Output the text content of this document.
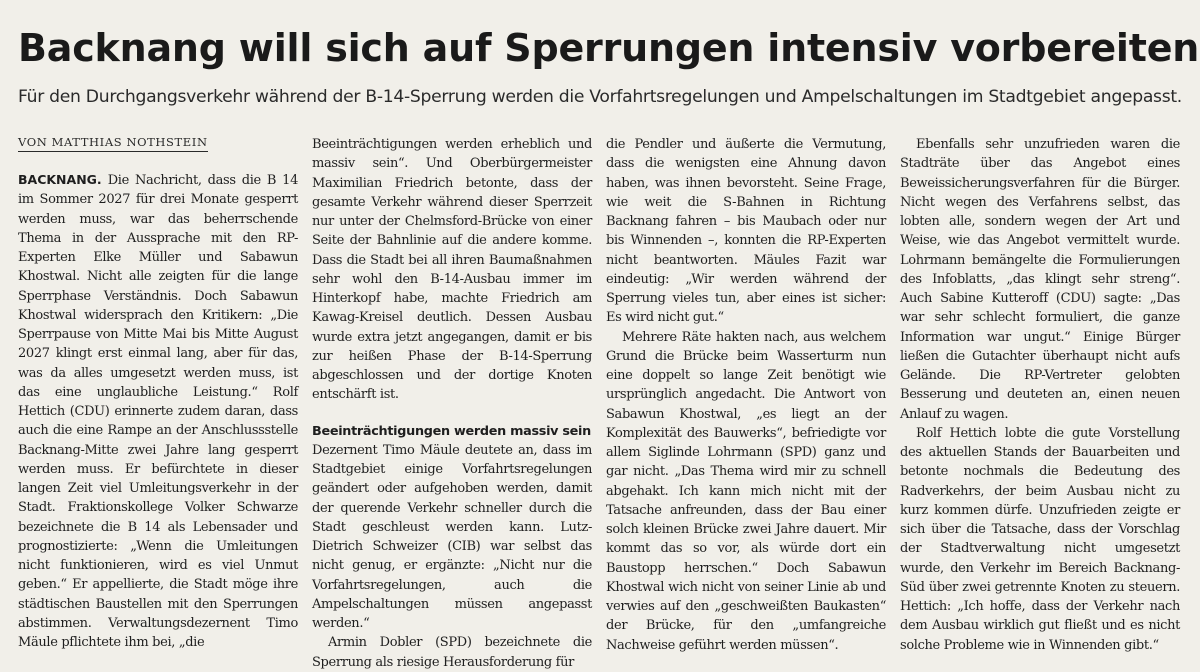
Backnang will sich auf Sperrungen intensiv vorbereiten

Für den Durchgangsverkehr während der B-14-Sperrung werden die Vorfahrtsregelungen und Ampelschaltungen im Stadtgebiet angepasst.

VON MATTHIAS NOTHSTEIN

BACKNANG. Die Nachricht, dass die B 14 im Sommer 2027 für drei Monate gesperrt werden muss, war das beherrschende Thema in der Aussprache mit den RP-Experten Elke Müller und Sabawun Khostwal. Nicht alle zeigten für die lange Sperrphase Verständnis. Doch Sabawun Khostwal widersprach den Kritikern: „Die Sperrpause von Mitte Mai bis Mitte August 2027 klingt erst einmal lang, aber für das, was da alles umgesetzt werden muss, ist das eine unglaubliche Leistung.“ Rolf Hettich (CDU) erinnerte zudem daran, dass auch die eine Rampe an der Anschlussstelle Backnang-Mitte zwei Jahre lang gesperrt werden muss. Er befürchtete in dieser langen Zeit viel Umleitungsverkehr in der Stadt. Fraktionskollege Volker Schwarze bezeichnete die B 14 als Lebensader und prognostizierte: „Wenn die Umleitungen nicht funktionieren, wird es viel Unmut geben.“ Er appellierte, die Stadt möge ihre städtischen Baustellen mit den Sperrungen abstimmen. Verwaltungsdezernent Timo Mäule pflichtete ihm bei, „die

Beeinträchtigungen werden erheblich und massiv sein“. Und Oberbürgermeister Maximilian Friedrich betonte, dass der gesamte Verkehr während dieser Sperrzeit nur unter der Chelmsford-Brücke von einer Seite der Bahnlinie auf die andere komme. Dass die Stadt bei all ihren Baumaßnahmen sehr wohl den B-14-Ausbau immer im Hinterkopf habe, machte Friedrich am Kawag-Kreisel deutlich. Dessen Ausbau wurde extra jetzt angegangen, damit er bis zur heißen Phase der B-14-Sperrung abgeschlossen und der dortige Knoten entschärft ist.

Beeinträchtigungen werden massiv sein

Dezernent Timo Mäule deutete an, dass im Stadtgebiet einige Vorfahrtsregelungen geändert oder aufgehoben werden, damit der querende Verkehr schneller durch die Stadt geschleust werden kann. Lutz-Dietrich Schweizer (CIB) war selbst das nicht genug, er ergänzte: „Nicht nur die Vorfahrtsregelungen, auch die Ampelschaltungen müssen angepasst werden.“

Armin Dobler (SPD) bezeichnete die Sperrung als riesige Herausforderung für

die Pendler und äußerte die Vermutung, dass die wenigsten eine Ahnung davon haben, was ihnen bevorsteht. Seine Frage, wie weit die S-Bahnen in Richtung Backnang fahren – bis Maubach oder nur bis Winnenden –, konnten die RP-Experten nicht beantworten. Mäules Fazit war eindeutig: „Wir werden während der Sperrung vieles tun, aber eines ist sicher: Es wird nicht gut.“

Mehrere Räte hakten nach, aus welchem Grund die Brücke beim Wasserturm nun eine doppelt so lange Zeit benötigt wie ursprünglich angedacht. Die Antwort von Sabawun Khostwal, „es liegt an der Komplexität des Bauwerks“, befriedigte vor allem Siglinde Lohrmann (SPD) ganz und gar nicht. „Das Thema wird mir zu schnell abgehakt. Ich kann mich nicht mit der Tatsache anfreunden, dass der Bau einer solch kleinen Brücke zwei Jahre dauert. Mir kommt das so vor, als würde dort ein Baustopp herrschen.“ Doch Sabawun Khostwal wich nicht von seiner Linie ab und verwies auf den „geschweißten Baukasten“ der Brücke, für den „umfangreiche Nachweise geführt werden müssen“.

Ebenfalls sehr unzufrieden waren die Stadträte über das Angebot eines Beweissicherungsverfahren für die Bürger. Nicht wegen des Verfahrens selbst, das lobten alle, sondern wegen der Art und Weise, wie das Angebot vermittelt wurde. Lohrmann bemängelte die Formulierungen des Infoblatts, „das klingt sehr streng“. Auch Sabine Kutteroff (CDU) sagte: „Das war sehr schlecht formuliert, die ganze Information war ungut.“ Einige Bürger ließen die Gutachter überhaupt nicht aufs Gelände. Die RP-Vertreter gelobten Besserung und deuteten an, einen neuen Anlauf zu wagen.

Rolf Hettich lobte die gute Vorstellung des aktuellen Stands der Bauarbeiten und betonte nochmals die Bedeutung des Radverkehrs, der beim Ausbau nicht zu kurz kommen dürfe. Unzufrieden zeigte er sich über die Tatsache, dass der Vorschlag der Stadtverwaltung nicht umgesetzt wurde, den Verkehr im Bereich Backnang-Süd über zwei getrennte Knoten zu steuern. Hettich: „Ich hoffe, dass der Verkehr nach dem Ausbau wirklich gut fließt und es nicht solche Probleme wie in Winnenden gibt.“
